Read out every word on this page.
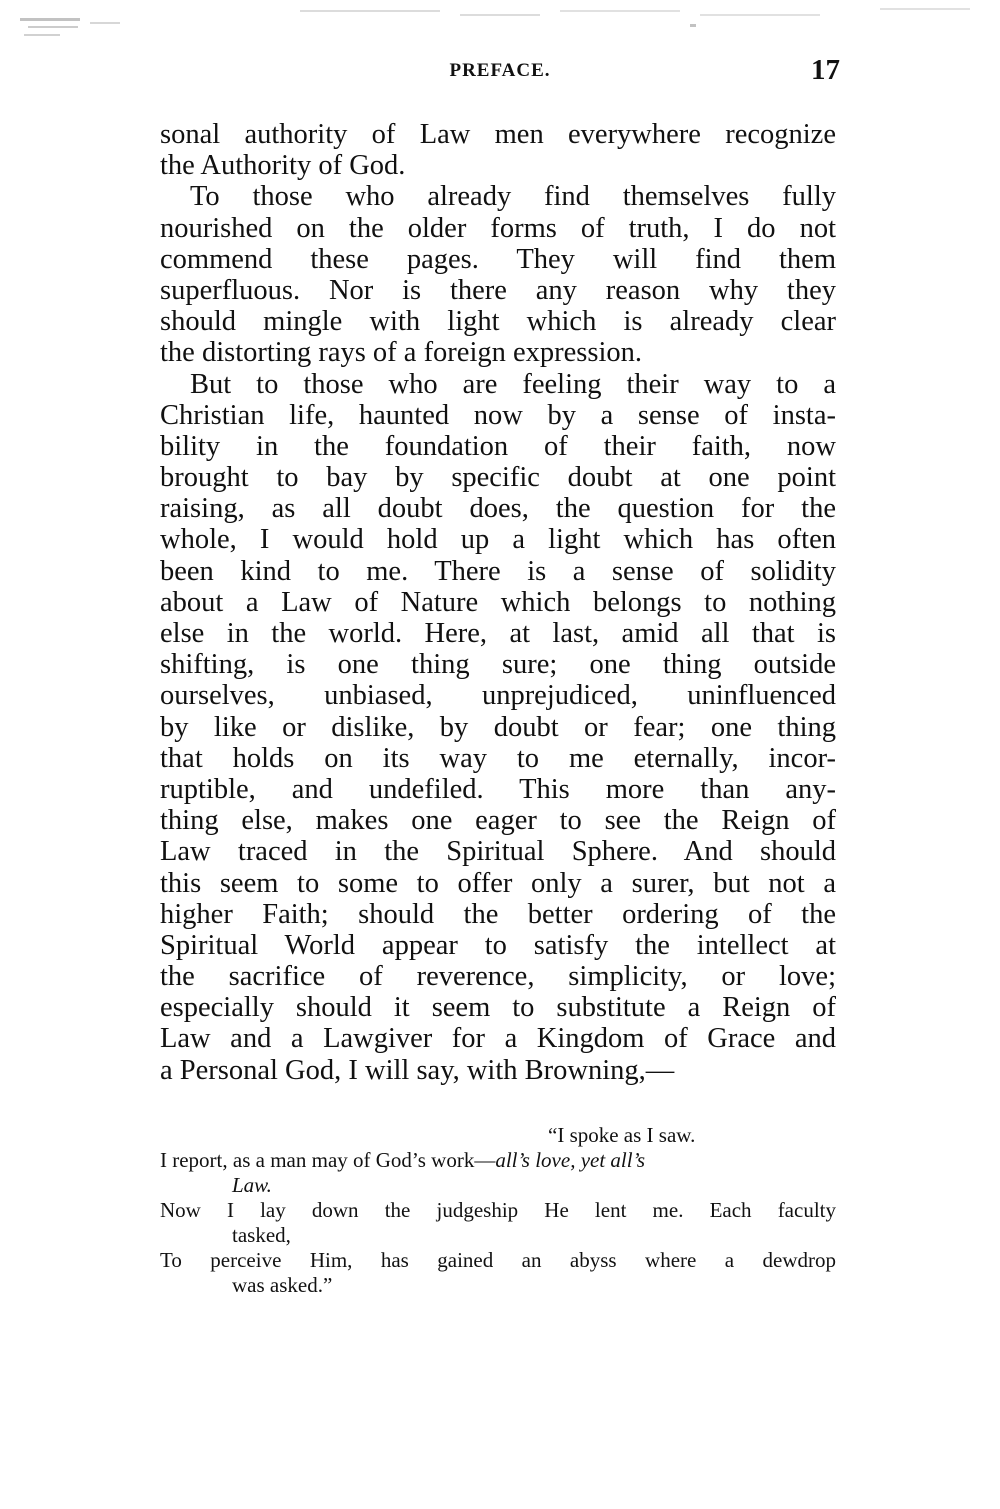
PREFACE.	17
sonal authority of Law men everywhere recognize
the Authority of God.
To those who already find themselves fully
nourished on the older forms of truth, I do not
commend these pages. They will find them
superfluous. Nor is there any reason why they
should mingle with light which is already clear
the distorting rays of a foreign expression.
But to those who are feeling their way to a
Christian life, haunted now by a sense of insta-
bility in the foundation of their faith, now
brought to bay by specific doubt at one point
raising, as all doubt does, the question for the
whole, I would hold up a light which has often
been kind to me. There is a sense of solidity
about a Law of Nature which belongs to nothing
else in the world. Here, at last, amid all that is
shifting, is one thing sure; one thing outside
ourselves, unbiased, unprejudiced, uninfluenced
by like or dislike, by doubt or fear; one thing
that holds on its way to me eternally, incor-
ruptible, and undefiled. This more than any-
thing else, makes one eager to see the Reign of
Law traced in the Spiritual Sphere. And should
this seem to some to offer only a surer, but not a
higher Faith; should the better ordering of the
Spiritual World appear to satisfy the intellect at
the sacrifice of reverence, simplicity, or love;
especially should it seem to substitute a Reign of
Law and a Lawgiver for a Kingdom of Grace and
a Personal God, I will say, with Browning,—
“I spoke as I saw.
I report, as a man may of God’s work—all’s love, yet all’s
Law.
Now I lay down the judgeship He lent me. Each faculty
tasked,
To perceive Him, has gained an abyss where a dewdrop
was asked.”
